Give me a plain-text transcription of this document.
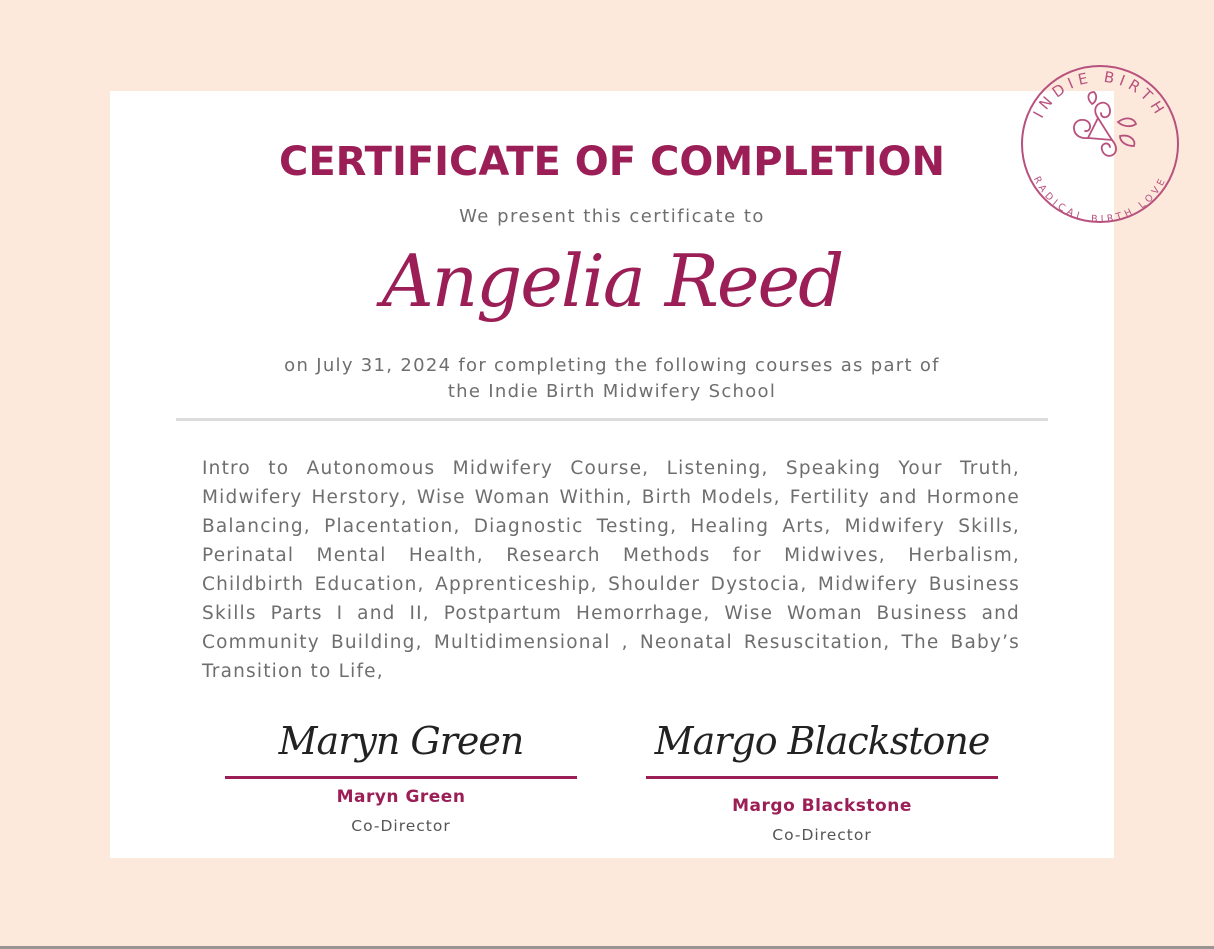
CERTIFICATE OF COMPLETION
We present this certificate to
Angelia Reed
on July 31, 2024 for completing the following courses as part of
the Indie Birth Midwifery School
Intro to Autonomous Midwifery Course, Listening, Speaking Your Truth, Midwifery Herstory, Wise Woman Within, Birth Models, Fertility and Hormone Balancing, Placentation, Diagnostic Testing, Healing Arts, Midwifery Skills, Perinatal Mental Health, Research Methods for Midwives, Herbalism, Childbirth Education, Apprenticeship, Shoulder Dystocia, Midwifery Business Skills Parts I and II, Postpartum Hemorrhage, Wise Woman Business and Community Building, Multidimensional , Neonatal Resuscitation, The Baby’s Transition to Life,
Maryn Green
Maryn Green
Co-Director
Margo Blackstone
Margo Blackstone
Co-Director
INDIE BIRTH
RADICAL BIRTH LOVE
